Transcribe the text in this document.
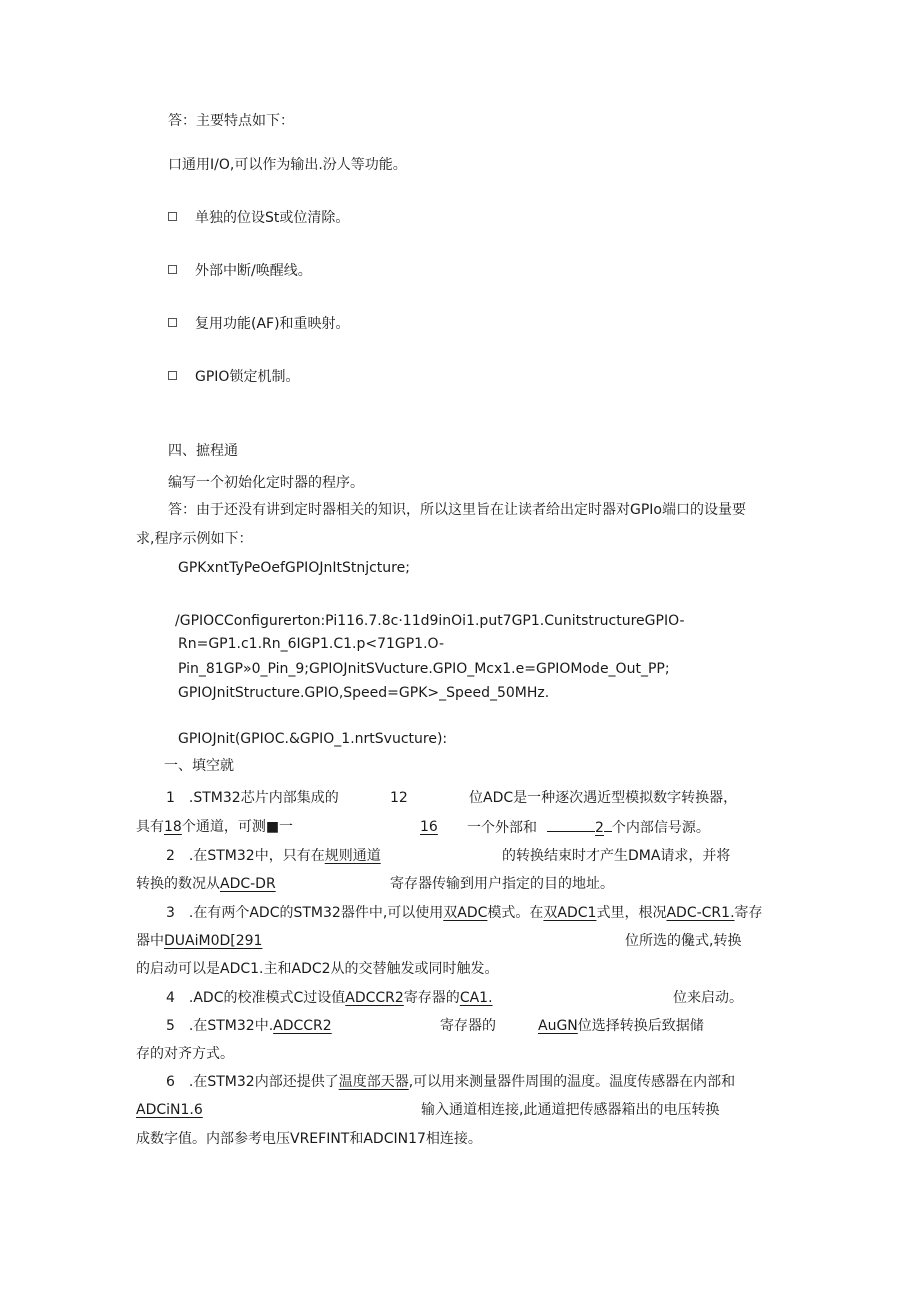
答：主要特点如下：
口通用I/O,可以作为输出.汾人等功能。
单独的位设St或位清除。
外部中断/唤醒线。
复用功能(AF)和重映射。
GPIO锁定机制。
四、摭程通
编写一个初始化定时器的程序。
答：由于还没有讲到定时器相关的知识，所以这里旨在让读者给出定时器对GPIo端口的设量要
求,程序示例如下：
GPKxntTyPeOefGPIOJnItStnjcture;
/GPIOCConfigurerton:Pi116.7.8c·11d9inOi1.put7GP1.CunitstructureGPIO-
Rn=GP1.c1.Rn_6IGP1.C1.p<71GP1.O-
Pin_81GP»0_Pin_9;GPIOJnitSVucture.GPIO_Mcx1.e=GPIOMode_Out_PP;
GPIOJnitStructure.GPIO,Speed=GPK>_Speed_50MHz.
GPIOJnit(GPIOC.&GPIO_1.nrtSvucture):
一、填空就
1　.STM32芯片内部集成的	12	位ADC是一种逐次遇近型模拟数字转换器，
具有18个通道，可测■一	16 一个外部和	2 个内部信号源。
2　.在STM32中，只有在规则通道	的转换结束时才产生DMA请求，并将
转换的数况从ADC-DR	寄存器传输到用户指定的目的地址。
3　.在有两个ADC的STM32器件中,可以使用双ADC模式。在双ADC1式里，根况ADC-CR1.寄存
器中DUAiM0D[291	位所选的儳式,转换
的启动可以是ADC1.主和ADC2从的交替触发或同时触发。
4　.ADC的校准模式C过设值ADCCR2寄存器的CA1.	位来启动。
5　.在STM32中.ADCCR2	寄存器的	AuGN位选择转换后致据储
存的对齐方式。
6　.在STM32内部还提供了温度部天器,可以用来测量器件周围的温度。温度传感器在内部和
ADCiN1.6	输入通道相连接,此通道把传感器箱出的电压转换
成数字值。内部参考电压VREFINT和ADCIN17相连接。
